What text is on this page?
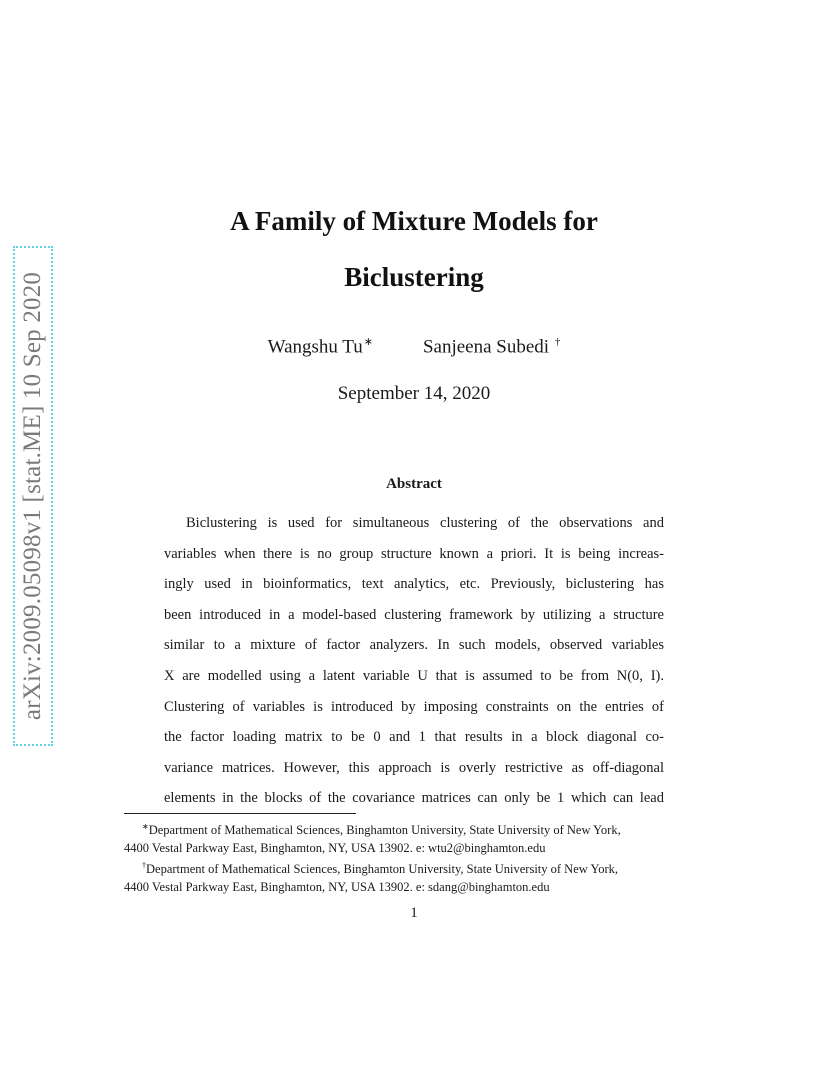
arXiv:2009.05098v1 [stat.ME] 10 Sep 2020
A Family of Mixture Models for
Biclustering
Wangshu Tu∗	Sanjeena Subedi †
September 14, 2020
Abstract
Biclustering is used for simultaneous clustering of the observations and
variables when there is no group structure known a priori. It is being increas-
ingly used in bioinformatics, text analytics, etc. Previously, biclustering has
been introduced in a model-based clustering framework by utilizing a structure
similar to a mixture of factor analyzers. In such models, observed variables
X are modelled using a latent variable U that is assumed to be from N(0, I).
Clustering of variables is introduced by imposing constraints on the entries of
the factor loading matrix to be 0 and 1 that results in a block diagonal co-
variance matrices. However, this approach is overly restrictive as off-diagonal
elements in the blocks of the covariance matrices can only be 1 which can lead
∗Department of Mathematical Sciences, Binghamton University, State University of New York,
4400 Vestal Parkway East, Binghamton, NY, USA 13902. e: wtu2@binghamton.edu
†Department of Mathematical Sciences, Binghamton University, State University of New York,
4400 Vestal Parkway East, Binghamton, NY, USA 13902. e: sdang@binghamton.edu
1
